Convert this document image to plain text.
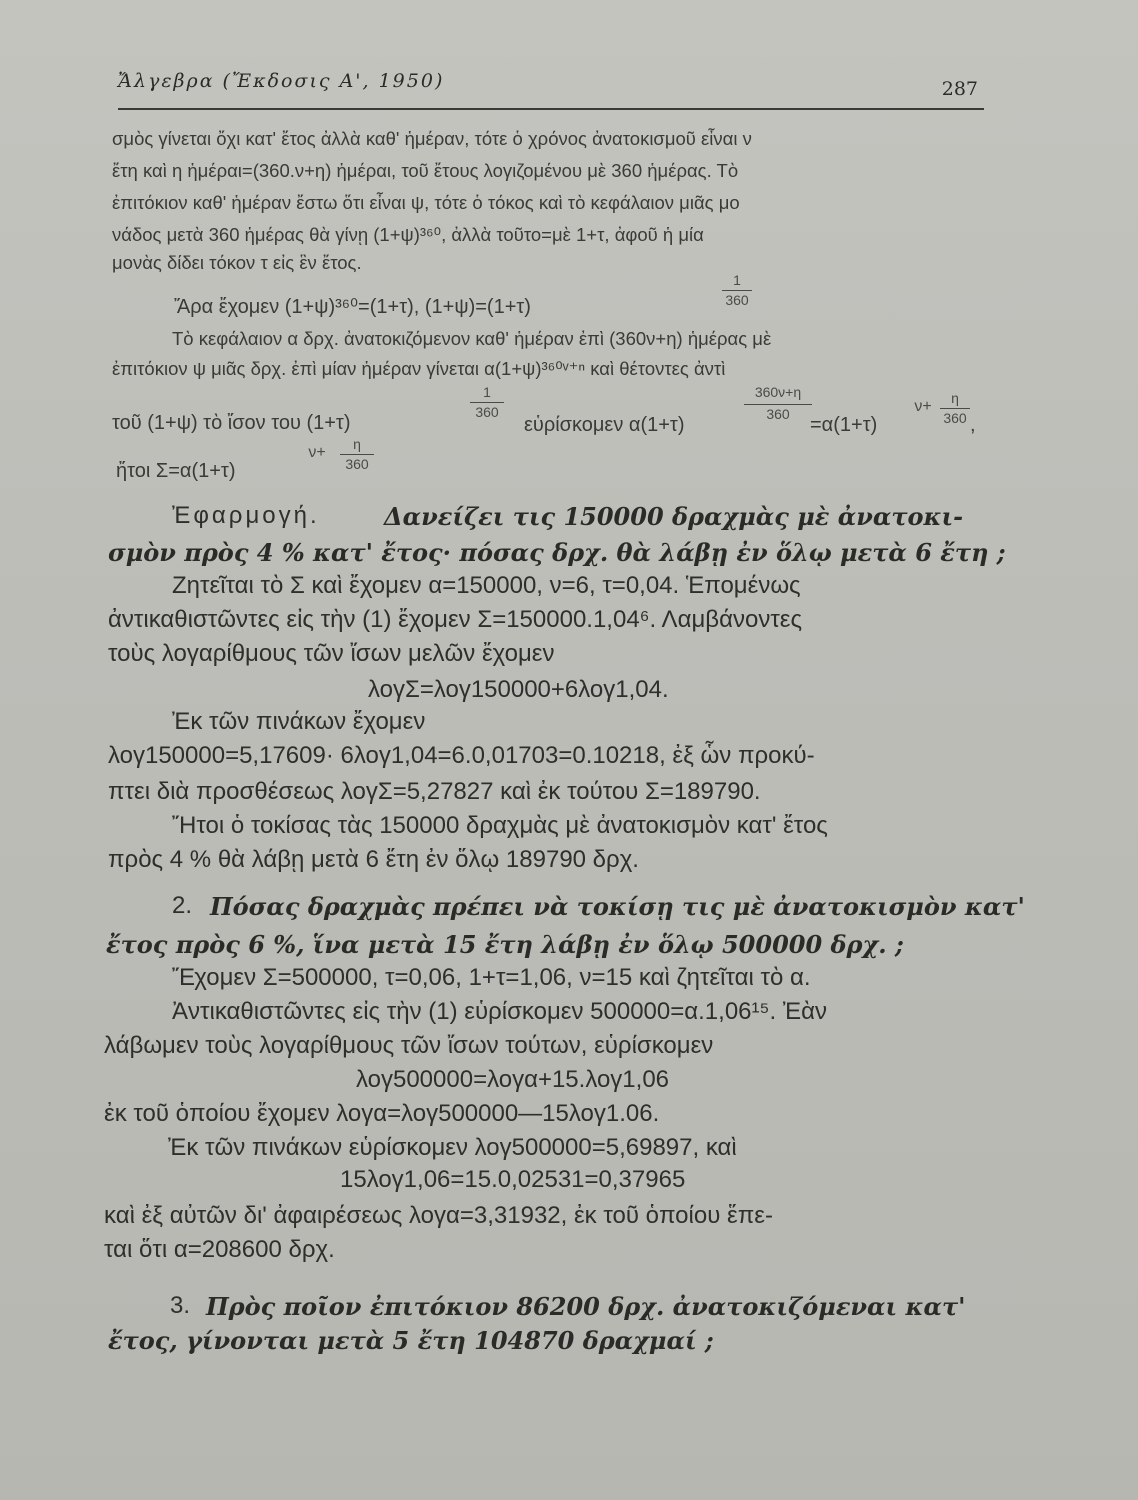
Ἄλγεβρα (Ἔκδοσις Α', 1950)	287
σμὸς γίνεται ὄχι κατ' ἔτος ἀλλὰ καθ' ἡμέραν, τότε ὁ χρόνος ἀνατοκισμοῦ εἶναι ν
ἔτη καὶ η ἡμέραι=(360.ν+η) ἡμέραι, τοῦ ἔτους λογιζομένου μὲ 360 ἡμέρας. Τὸ
ἐπιτόκιον καθ' ἡμέραν ἔστω ὅτι εἶναι ψ, τότε ὁ τόκος καὶ τὸ κεφάλαιον μιᾶς μο
νάδος μετὰ 360 ἡμέρας θὰ γίνῃ (1+ψ)³⁶⁰, ἀλλὰ τοῦτο=μὲ 1+τ, ἀφοῦ ἡ μία
μονὰς δίδει τόκον τ εἰς ἓν ἔτος.
Ἄρα ἔχομεν (1+ψ)³⁶⁰=(1+τ), (1+ψ)=(1+τ)
1
360
Τὸ κεφάλαιον α δρχ. ἀνατοκιζόμενον καθ' ἡμέραν ἐπὶ (360ν+η) ἡμέρας μὲ
ἐπιτόκιον ψ μιᾶς δρχ. ἐπὶ μίαν ἡμέραν γίνεται α(1+ψ)³⁶⁰ᵛ⁺ⁿ καὶ θέτοντες ἀντὶ
τοῦ (1+ψ) τὸ ἴσον του (1+τ)
1
360
εὑρίσκομεν α(1+τ)
360ν+η
360	=α(1+τ)
ν+	η
360 ,
ἤτοι Σ=α(1+τ)
ν+	η
360
Ἐφαρμογή.	Δανείζει τις 150000 δραχμὰς μὲ ἀνατοκι-
σμὸν πρὸς 4 % κατ' ἔτος· πόσας δρχ. θὰ λάβῃ ἐν ὅλῳ μετὰ 6 ἔτη ;
Ζητεῖται τὸ Σ καὶ ἔχομεν α=150000, ν=6, τ=0,04. Ἑπομένως
ἀντικαθιστῶντες εἰς τὴν (1) ἔχομεν Σ=150000.1,04⁶. Λαμβάνοντες
τοὺς λογαρίθμους τῶν ἴσων μελῶν ἔχομεν
λογΣ=λογ150000+6λογ1,04.
Ἐκ τῶν πινάκων ἔχομεν
λογ150000=5,17609· 6λογ1,04=6.0,01703=0.10218, ἐξ ὧν προκύ-
πτει διὰ προσθέσεως λογΣ=5,27827 καὶ ἐκ τούτου Σ=189790.
Ἤτοι ὁ τοκίσας τὰς 150000 δραχμὰς μὲ ἀνατοκισμὸν κατ' ἔτος
πρὸς 4 % θὰ λάβῃ μετὰ 6 ἔτη ἐν ὅλῳ 189790 δρχ.
2. Πόσας δραχμὰς πρέπει νὰ τοκίσῃ τις μὲ ἀνατοκισμὸν κατ'
ἔτος πρὸς 6 %, ἵνα μετὰ 15 ἔτη λάβῃ ἐν ὅλῳ 500000 δρχ. ;
Ἔχομεν Σ=500000, τ=0,06, 1+τ=1,06, ν=15 καὶ ζητεῖται τὸ α.
Ἀντικαθιστῶντες εἰς τὴν (1) εὑρίσκομεν 500000=α.1,06¹⁵. Ἐὰν
λάβωμεν τοὺς λογαρίθμους τῶν ἴσων τούτων, εὑρίσκομεν
λογ500000=λογα+15.λογ1,06
ἐκ τοῦ ὁποίου ἔχομεν λογα=λογ500000—15λογ1.06.
Ἐκ τῶν πινάκων εὑρίσκομεν λογ500000=5,69897, καὶ
15λογ1,06=15.0,02531=0,37965
καὶ ἐξ αὐτῶν δι' ἀφαιρέσεως λογα=3,31932, ἐκ τοῦ ὁποίου ἕπε-
ται ὅτι α=208600 δρχ.
3. Πρὸς ποῖον ἐπιτόκιον 86200 δρχ. ἀνατοκιζόμεναι κατ'
ἔτος, γίνονται μετὰ 5 ἔτη 104870 δραχμαί ;
